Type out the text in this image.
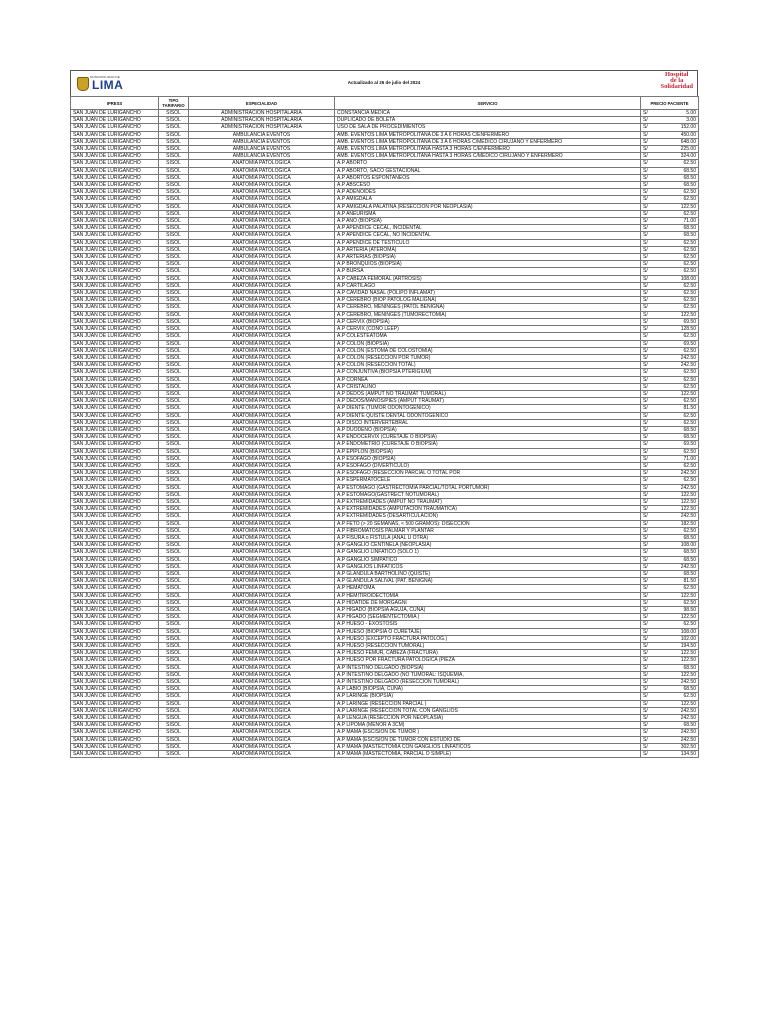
MUNICIPALIDAD DE
LIMA	Actualizado al 26 de julio del 2024
Hospital
de la
Solidaridad
IPRESS	TIPO TARIFARIO	ESPECIALIDAD	SERVICIO	PRECIO PACIENTE	
SAN JUAN DE LURIGANCHO	SISOL	ADMINISTRACION HOSPITALARIA	CONSTANCIA MEDICA	S/	5.00
SAN JUAN DE LURIGANCHO	SISOL	ADMINISTRACION HOSPITALARIA	DUPLICADO DE BOLETA	S/	3.00
SAN JUAN DE LURIGANCHO	SISOL	ADMINISTRACION HOSPITALARIA	USO DE SALA DE PROCEDIMIENTOS	S/	152.00
SAN JUAN DE LURIGANCHO	SISOL	AMBULANCIA EVENTOS	AMB. EVENTOS LIMA METROPOLITANA DE 3 A 6 HORAS C/ENFERMERO	S/	450.00
SAN JUAN DE LURIGANCHO	SISOL	AMBULANCIA EVENTOS	AMB. EVENTOS LIMA METROPOLITANA DE 3 A 6 HORAS C/MEDICO CIRUJANO Y ENFERMERO	S/	648.00
SAN JUAN DE LURIGANCHO	SISOL	AMBULANCIA EVENTOS	AMB. EVENTOS LIMA METROPOLITANA HASTA 3 HORAS C/ENFERMERO	S/	225.00
SAN JUAN DE LURIGANCHO	SISOL	AMBULANCIA EVENTOS	AMB. EVENTOS LIMA METROPOLITANA HASTA 3 HORAS C/MEDICO CIRUJANO Y ENFERMERO	S/	324.00
SAN JUAN DE LURIGANCHO	SISOL	ANATOMIA PATOLOGICA	A.P ABORTO	S/	62.50
SAN JUAN DE LURIGANCHO	SISOL	ANATOMIA PATOLOGICA	A.P ABORTO, SACO GESTACIONAL	S/	68.50
SAN JUAN DE LURIGANCHO	SISOL	ANATOMIA PATOLOGICA	A.P ABORTOS ESPONTANEOS	S/	68.50
SAN JUAN DE LURIGANCHO	SISOL	ANATOMIA PATOLOGICA	A.P ABSCESO	S/	68.50
SAN JUAN DE LURIGANCHO	SISOL	ANATOMIA PATOLOGICA	A.P ADENOIDES	S/	62.50
SAN JUAN DE LURIGANCHO	SISOL	ANATOMIA PATOLOGICA	A.P AMIGDALA	S/	62.50
SAN JUAN DE LURIGANCHO	SISOL	ANATOMIA PATOLOGICA	A.P AMIGDALA PALATINA (RESECCION POR NEOPLASIA)	S/	122.50
SAN JUAN DE LURIGANCHO	SISOL	ANATOMIA PATOLOGICA	A.P ANEURISMA	S/	62.50
SAN JUAN DE LURIGANCHO	SISOL	ANATOMIA PATOLOGICA	A.P ANO (BIOPSIA)	S/	71.00
SAN JUAN DE LURIGANCHO	SISOL	ANATOMIA PATOLOGICA	A.P APENDICE CECAL, INCIDENTAL	S/	68.50
SAN JUAN DE LURIGANCHO	SISOL	ANATOMIA PATOLOGICA	A.P APENDICE CECAL, NO INCIDENTAL	S/	68.50
SAN JUAN DE LURIGANCHO	SISOL	ANATOMIA PATOLOGICA	A.P APENDICE DE TESTICULO	S/	62.50
SAN JUAN DE LURIGANCHO	SISOL	ANATOMIA PATOLOGICA	A.P ARTERIA (ATEROMA)	S/	62.50
SAN JUAN DE LURIGANCHO	SISOL	ANATOMIA PATOLOGICA	A.P ARTERIAS (BIOPSIA)	S/	62.50
SAN JUAN DE LURIGANCHO	SISOL	ANATOMIA PATOLOGICA	A.P BRONQUIOS (BIOPSIA)	S/	62.50
SAN JUAN DE LURIGANCHO	SISOL	ANATOMIA PATOLOGICA	A.P BURSA	S/	62.50
SAN JUAN DE LURIGANCHO	SISOL	ANATOMIA PATOLOGICA	A.P CABEZA FEMORAL (ARTROSIS)	S/	108.00
SAN JUAN DE LURIGANCHO	SISOL	ANATOMIA PATOLOGICA	A.P CARTILAGO	S/	62.50
SAN JUAN DE LURIGANCHO	SISOL	ANATOMIA PATOLOGICA	A.P CAVIDAD NASAL (POLIPO INFLAMAT)	S/	62.50
SAN JUAN DE LURIGANCHO	SISOL	ANATOMIA PATOLOGICA	A.P CEREBRO (BIOP PATOLOG MALIGNA)	S/	62.50
SAN JUAN DE LURIGANCHO	SISOL	ANATOMIA PATOLOGICA	A.P CEREBRO, MENINGES (PATOL BENIGNA)	S/	62.50
SAN JUAN DE LURIGANCHO	SISOL	ANATOMIA PATOLOGICA	A.P CEREBRO, MENINGES (TUMORECTOMIA)	S/	122.50
SAN JUAN DE LURIGANCHO	SISOL	ANATOMIA PATOLOGICA	A.P CERVIX (BIOPSIA)	S/	69.50
SAN JUAN DE LURIGANCHO	SISOL	ANATOMIA PATOLOGICA	A.P CERVIX (CONO LEEP)	S/	128.50
SAN JUAN DE LURIGANCHO	SISOL	ANATOMIA PATOLOGICA	A.P COLESTEATOMA	S/	62.50
SAN JUAN DE LURIGANCHO	SISOL	ANATOMIA PATOLOGICA	A.P COLON (BIOPSIA)	S/	69.50
SAN JUAN DE LURIGANCHO	SISOL	ANATOMIA PATOLOGICA	A.P COLON (ESTOMA DE COLOSTOMIA)	S/	62.50
SAN JUAN DE LURIGANCHO	SISOL	ANATOMIA PATOLOGICA	A.P COLON (RESECCION POR TUMOR)	S/	242.50
SAN JUAN DE LURIGANCHO	SISOL	ANATOMIA PATOLOGICA	A.P COLON (RESECCION TOTAL)	S/	242.50
SAN JUAN DE LURIGANCHO	SISOL	ANATOMIA PATOLOGICA	A.P CONJUNTIVA (BIOPSIA PTERIGIUM)	S/	62.50
SAN JUAN DE LURIGANCHO	SISOL	ANATOMIA PATOLOGICA	A.P CORNEA	S/	62.50
SAN JUAN DE LURIGANCHO	SISOL	ANATOMIA PATOLOGICA	A.P CRISTALINO	S/	62.50
SAN JUAN DE LURIGANCHO	SISOL	ANATOMIA PATOLOGICA	A.P DEDOS (AMPUT NO TRAUMAT TUMORAL)	S/	122.50
SAN JUAN DE LURIGANCHO	SISOL	ANATOMIA PATOLOGICA	A.P DEDOS/MANOS/PIES (AMPUT TRAUMAT)	S/	62.50
SAN JUAN DE LURIGANCHO	SISOL	ANATOMIA PATOLOGICA	A.P DIENTE (TUMOR ODONTOGENICO)	S/	81.50
SAN JUAN DE LURIGANCHO	SISOL	ANATOMIA PATOLOGICA	A.P DIENTE QUISTE DENTAL ODONTOGENICO	S/	62.50
SAN JUAN DE LURIGANCHO	SISOL	ANATOMIA PATOLOGICA	A.P DISCO INTERVERTEBRAL	S/	62.50
SAN JUAN DE LURIGANCHO	SISOL	ANATOMIA PATOLOGICA	A.P DUODENO (BIOPSIA)	S/	68.50
SAN JUAN DE LURIGANCHO	SISOL	ANATOMIA PATOLOGICA	A.P ENDOCERVIX (CURETAJE O BIOPSIA)	S/	68.50
SAN JUAN DE LURIGANCHO	SISOL	ANATOMIA PATOLOGICA	A.P ENDOMETRIO (CURETAJE O BIOPSIA)	S/	69.50
SAN JUAN DE LURIGANCHO	SISOL	ANATOMIA PATOLOGICA	A.P EPIPLON (BIOPSIA)	S/	62.50
SAN JUAN DE LURIGANCHO	SISOL	ANATOMIA PATOLOGICA	A.P ESOFAGO (BIOPSIA)	S/	71.00
SAN JUAN DE LURIGANCHO	SISOL	ANATOMIA PATOLOGICA	A.P ESOFAGO (DIVERTICULO)	S/	62.50
SAN JUAN DE LURIGANCHO	SISOL	ANATOMIA PATOLOGICA	A.P ESOFAGO (RESECCION PARCIAL O TOTAL POR	S/	242.50
SAN JUAN DE LURIGANCHO	SISOL	ANATOMIA PATOLOGICA	A.P ESPERMATOCELE	S/	62.50
SAN JUAN DE LURIGANCHO	SISOL	ANATOMIA PATOLOGICA	A.P ESTOMAGO (GASTRECTOMIA PARCIAL/TOTAL PORTUMOR)	S/	242.50
SAN JUAN DE LURIGANCHO	SISOL	ANATOMIA PATOLOGICA	A.P ESTOMAGO(GASTRECT NOTUMORAL)	S/	122.50
SAN JUAN DE LURIGANCHO	SISOL	ANATOMIA PATOLOGICA	A.P EXTREMIDADES (AMPUT NO TRAUMAT)	S/	122.50
SAN JUAN DE LURIGANCHO	SISOL	ANATOMIA PATOLOGICA	A.P EXTREMIDADES (AMPUTACION TRAUMATICA)	S/	122.50
SAN JUAN DE LURIGANCHO	SISOL	ANATOMIA PATOLOGICA	A.P EXTREMIDADES (DESARTICULACION)	S/	242.50
SAN JUAN DE LURIGANCHO	SISOL	ANATOMIA PATOLOGICA	A.P FETO (> 20 SEMANAS, < 500 GRAMOS): DISECCION	S/	182.50
SAN JUAN DE LURIGANCHO	SISOL	ANATOMIA PATOLOGICA	A.P FIBROMATOSIS PALMAR Y PLANTAR	S/	62.50
SAN JUAN DE LURIGANCHO	SISOL	ANATOMIA PATOLOGICA	A.P FISURA o FISTULA (ANAL U OTRA)	S/	68.50
SAN JUAN DE LURIGANCHO	SISOL	ANATOMIA PATOLOGICA	A.P GANGLIO CENTINELA (NEOPLASIA)	S/	108.00
SAN JUAN DE LURIGANCHO	SISOL	ANATOMIA PATOLOGICA	A.P GANGLIO LINFATICO (SOLO 1)	S/	68.50
SAN JUAN DE LURIGANCHO	SISOL	ANATOMIA PATOLOGICA	A.P GANGLIO SIMPATICO	S/	68.50
SAN JUAN DE LURIGANCHO	SISOL	ANATOMIA PATOLOGICA	A.P GANGLIOS LINFATICOS	S/	242.50
SAN JUAN DE LURIGANCHO	SISOL	ANATOMIA PATOLOGICA	A.P GLANDULA BARTHOLINO (QUISTE)	S/	68.50
SAN JUAN DE LURIGANCHO	SISOL	ANATOMIA PATOLOGICA	A.P GLANDULA SALIVAL (PAT. BENIGNA)	S/	81.50
SAN JUAN DE LURIGANCHO	SISOL	ANATOMIA PATOLOGICA	A.P HEMATOMA	S/	62.50
SAN JUAN DE LURIGANCHO	SISOL	ANATOMIA PATOLOGICA	A.P HEMITIROIDECTOMIA	S/	122.50
SAN JUAN DE LURIGANCHO	SISOL	ANATOMIA PATOLOGICA	A.P HIDATIDE DE MORGAGNI	S/	62.50
SAN JUAN DE LURIGANCHO	SISOL	ANATOMIA PATOLOGICA	A.P HIGADO (BIOPSIA AGUJA, CUÑA)	S/	98.50
SAN JUAN DE LURIGANCHO	SISOL	ANATOMIA PATOLOGICA	A.P HIGADO (SEGMENTECTOMIA )	S/	122.50
SAN JUAN DE LURIGANCHO	SISOL	ANATOMIA PATOLOGICA	A.P HUESO - EXOSTOSIS	S/	62.50
SAN JUAN DE LURIGANCHO	SISOL	ANATOMIA PATOLOGICA	A.P HUESO (BIOPSIA O CURETAJE)	S/	108.00
SAN JUAN DE LURIGANCHO	SISOL	ANATOMIA PATOLOGICA	A.P HUESO (EXCEPTO FRACTURA PATOLOG.)	S/	102.00
SAN JUAN DE LURIGANCHO	SISOL	ANATOMIA PATOLOGICA	A.P HUESO (RESECCION TUMORAL)	S/	194.50
SAN JUAN DE LURIGANCHO	SISOL	ANATOMIA PATOLOGICA	A.P HUESO FEMUR, CABEZA (FRACTURA)	S/	122.50
SAN JUAN DE LURIGANCHO	SISOL	ANATOMIA PATOLOGICA	A.P HUESO POR FRACTURA PATOLOGICA (PIEZA	S/	122.50
SAN JUAN DE LURIGANCHO	SISOL	ANATOMIA PATOLOGICA	A.P INTESTINO DELGADO (BIOPSIA)	S/	68.50
SAN JUAN DE LURIGANCHO	SISOL	ANATOMIA PATOLOGICA	A.P INTESTINO DELGADO (NO TUMORAL: ISQUEMIA,	S/	122.50
SAN JUAN DE LURIGANCHO	SISOL	ANATOMIA PATOLOGICA	A.P INTESTINO DELGADO (RESECCION TUMORAL)	S/	242.50
SAN JUAN DE LURIGANCHO	SISOL	ANATOMIA PATOLOGICA	A.P LABIO (BIOPSIA, CUÑA)	S/	68.50
SAN JUAN DE LURIGANCHO	SISOL	ANATOMIA PATOLOGICA	A.P LARINGE (BIOPSIA)	S/	62.50
SAN JUAN DE LURIGANCHO	SISOL	ANATOMIA PATOLOGICA	A.P LARINGE (RESECCION PARCIAL )	S/	122.50
SAN JUAN DE LURIGANCHO	SISOL	ANATOMIA PATOLOGICA	A.P LARINGE (RESECCION TOTAL CON GANGLIOS	S/	242.50
SAN JUAN DE LURIGANCHO	SISOL	ANATOMIA PATOLOGICA	A.P LENGUA (RESECCION POR NEOPLASIA)	S/	242.50
SAN JUAN DE LURIGANCHO	SISOL	ANATOMIA PATOLOGICA	A.P LIPOMA (MENOR A 3CM)	S/	68.50
SAN JUAN DE LURIGANCHO	SISOL	ANATOMIA PATOLOGICA	A.P MAMA (ESCISION DE TUMOR )	S/	242.50
SAN JUAN DE LURIGANCHO	SISOL	ANATOMIA PATOLOGICA	A.P MAMA (ESCISION DE TUMOR CON ESTUDIO DE	S/	242.50
SAN JUAN DE LURIGANCHO	SISOL	ANATOMIA PATOLOGICA	A.P MAMA (MASTECTOMIA CON GANGLIOS LINFATICOS	S/	302.50
SAN JUAN DE LURIGANCHO	SISOL	ANATOMIA PATOLOGICA	A.P MAMA (MASTECTOMIA, PARCIAL O SIMPLE)	S/	134.50
